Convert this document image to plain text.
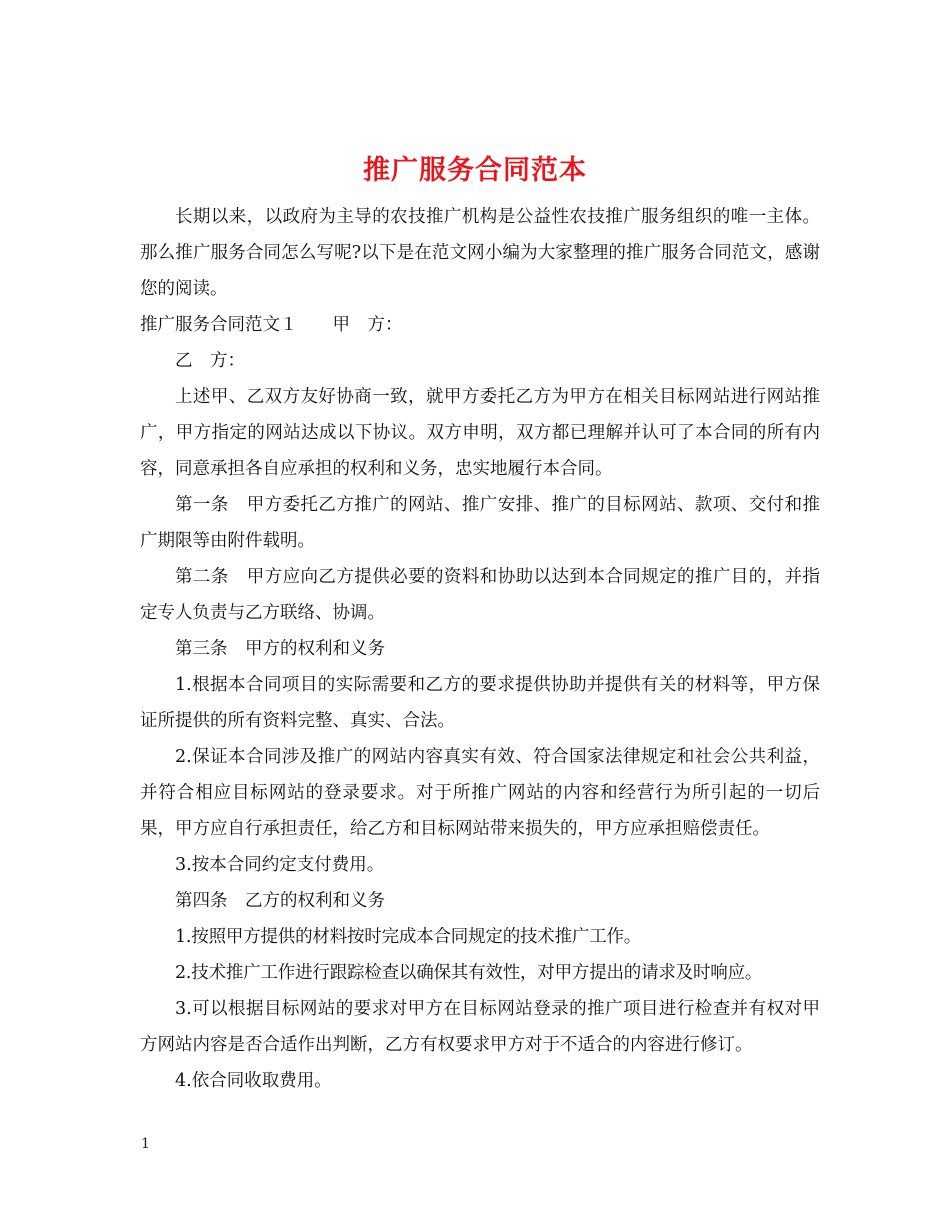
推广服务合同范本

长期以来，以政府为主导的农技推广机构是公益性农技推广服务组织的唯一主体。那么推广服务合同怎么写呢?以下是在范文网小编为大家整理的推广服务合同范文，感谢您的阅读。

推广服务合同范文１　　甲　方：

乙　方：

上述甲、乙双方友好协商一致，就甲方委托乙方为甲方在相关目标网站进行网站推广，甲方指定的网站达成以下协议。双方申明，双方都已理解并认可了本合同的所有内容，同意承担各自应承担的权利和义务，忠实地履行本合同。

第一条　甲方委托乙方推广的网站、推广安排、推广的目标网站、款项、交付和推广期限等由附件载明。

第二条　甲方应向乙方提供必要的资料和协助以达到本合同规定的推广目的，并指定专人负责与乙方联络、协调。

第三条　甲方的权利和义务

1.根据本合同项目的实际需要和乙方的要求提供协助并提供有关的材料等，甲方保证所提供的所有资料完整、真实、合法。

2.保证本合同涉及推广的网站内容真实有效、符合国家法律规定和社会公共利益，并符合相应目标网站的登录要求。对于所推广网站的内容和经营行为所引起的一切后果，甲方应自行承担责任，给乙方和目标网站带来损失的，甲方应承担赔偿责任。

3.按本合同约定支付费用。

第四条　乙方的权利和义务

1.按照甲方提供的材料按时完成本合同规定的技术推广工作。

2.技术推广工作进行跟踪检查以确保其有效性，对甲方提出的请求及时响应。

3.可以根据目标网站的要求对甲方在目标网站登录的推广项目进行检查并有权对甲方网站内容是否合适作出判断，乙方有权要求甲方对于不适合的内容进行修订。

4.依合同收取费用。

1
